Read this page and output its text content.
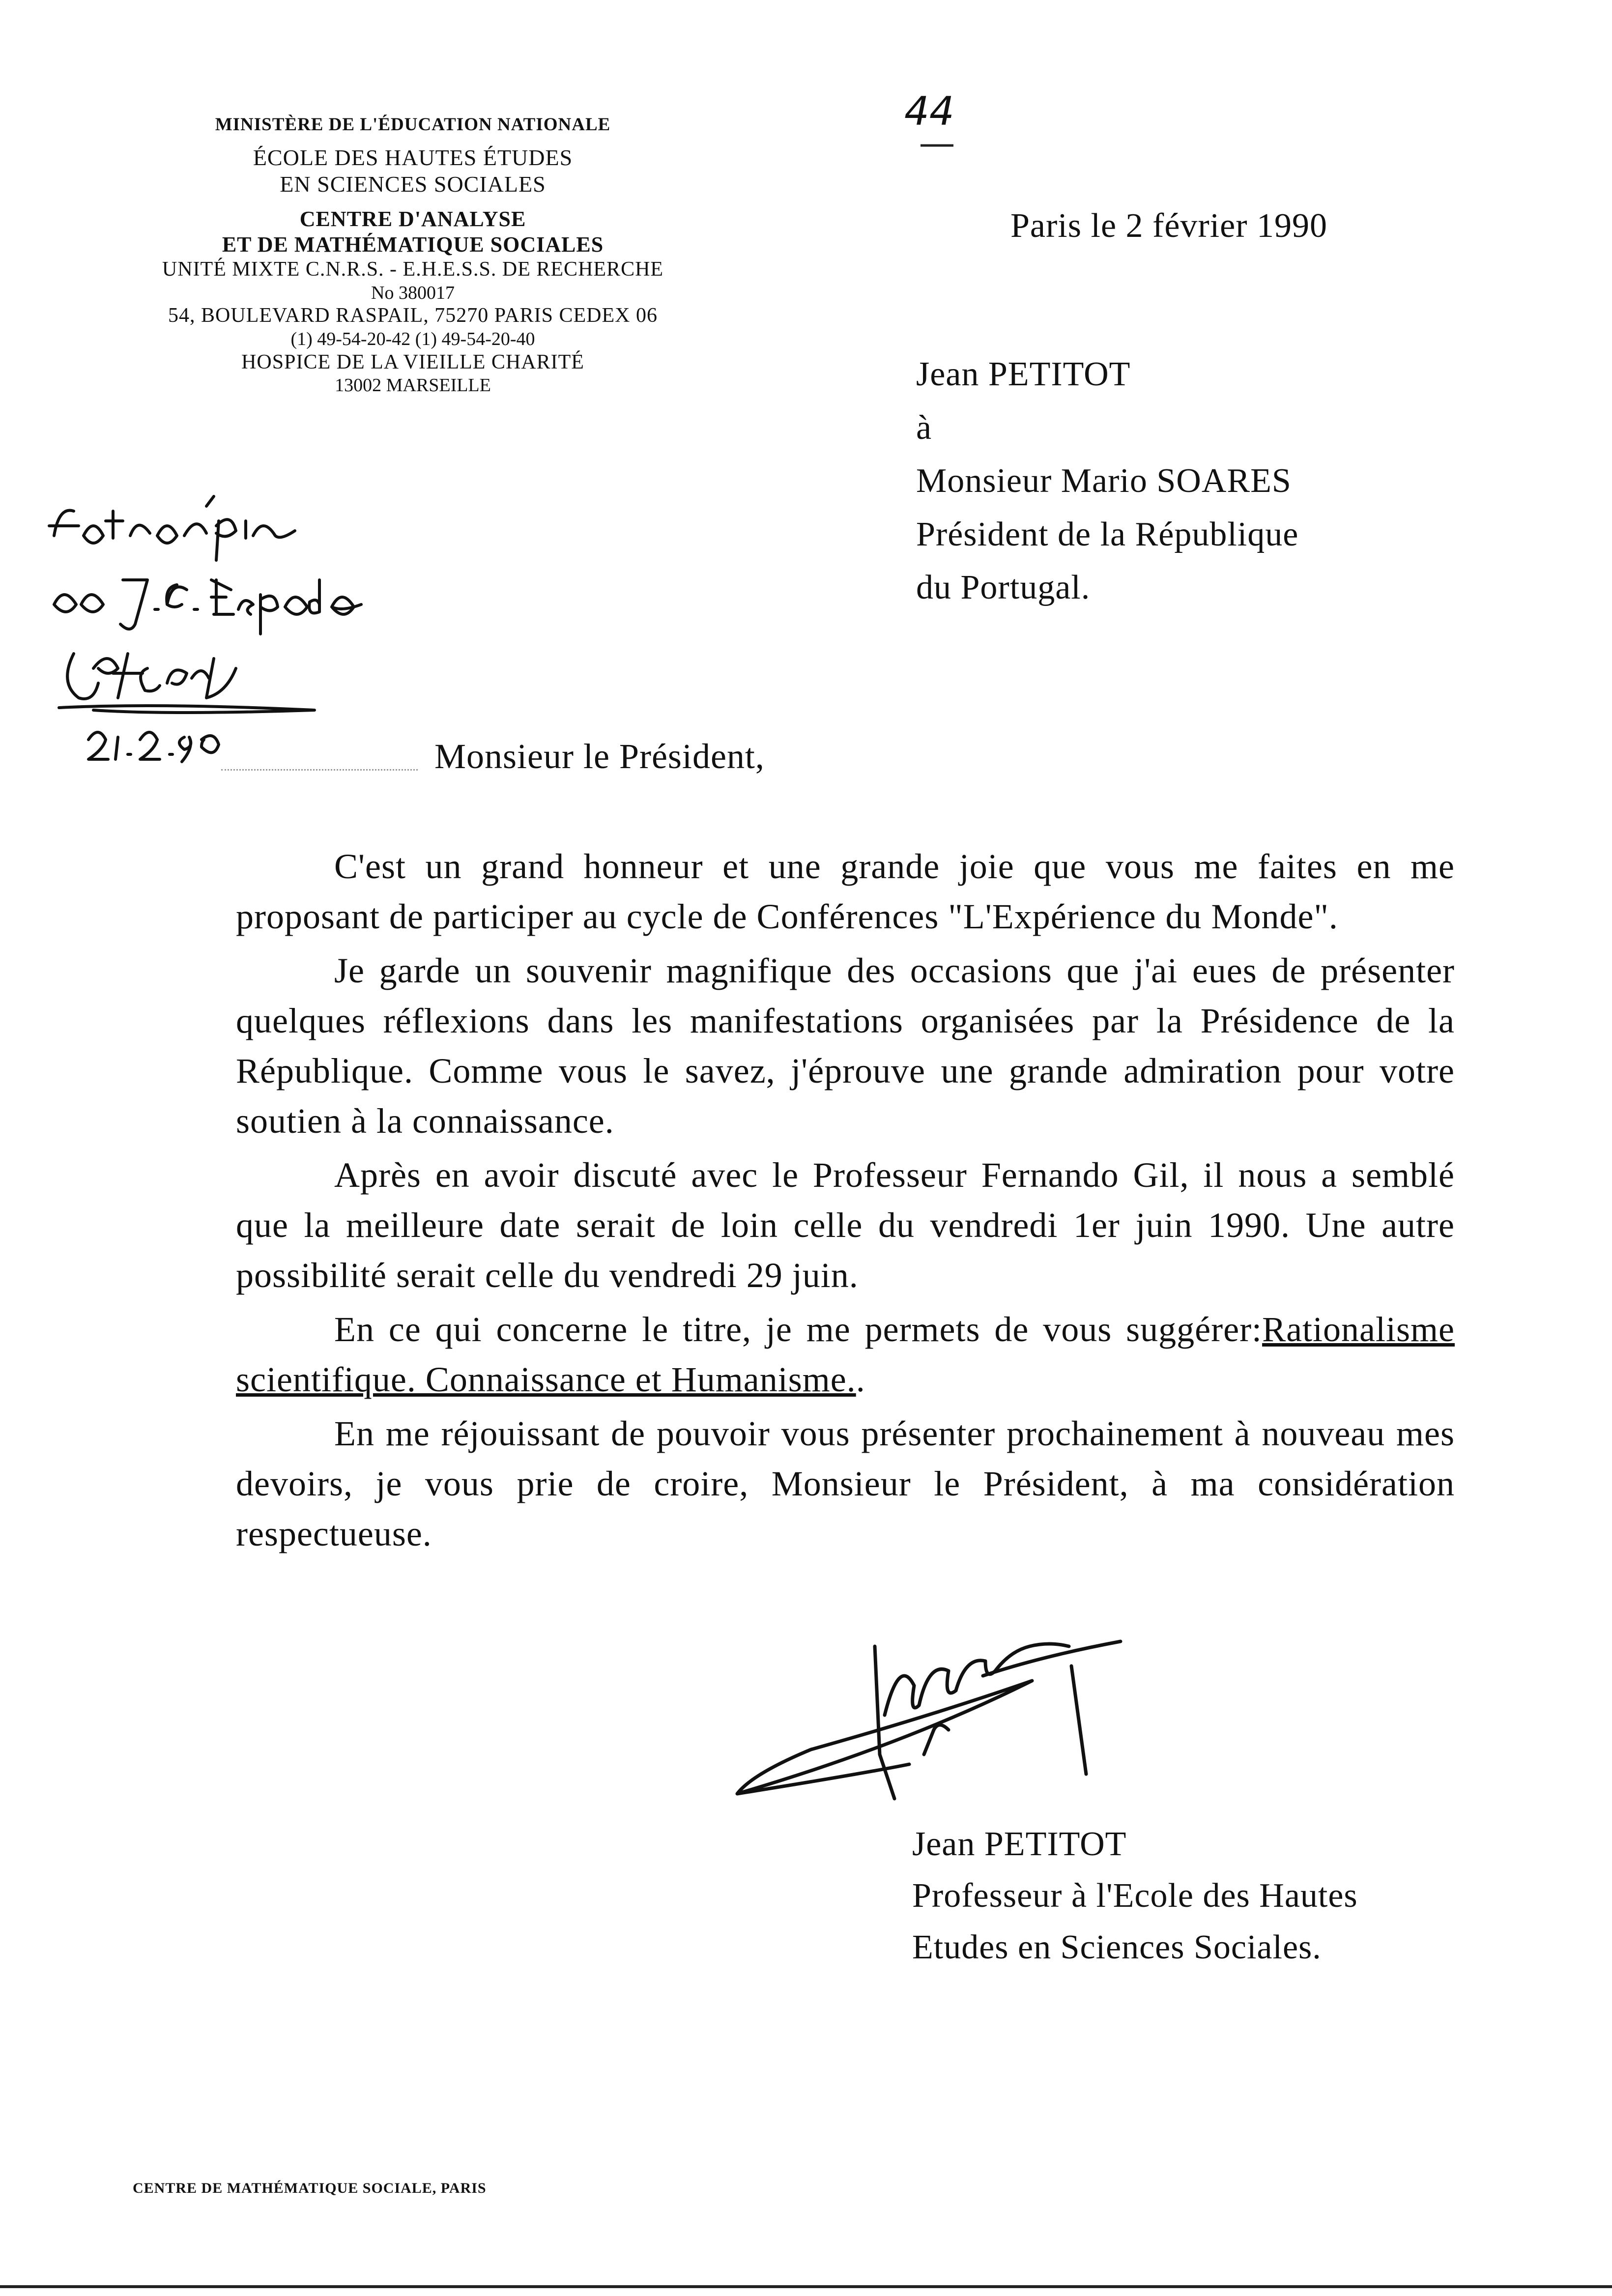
44
MINISTÈRE DE L'ÉDUCATION NATIONALE
ÉCOLE DES HAUTES ÉTUDES
EN SCIENCES SOCIALES
CENTRE D'ANALYSE
ET DE MATHÉMATIQUE SOCIALES
UNITÉ MIXTE C.N.R.S. - E.H.E.S.S. DE RECHERCHE
No 380017
54, BOULEVARD RASPAIL, 75270 PARIS CEDEX 06
(1) 49-54-20-42 (1) 49-54-20-40
HOSPICE DE LA VIEILLE CHARITÉ
13002 MARSEILLE
Paris le 2 février 1990
Jean PETITOT
à
Monsieur Mario SOARES
Président de la République
du Portugal.
Monsieur le Président,

C'est un grand honneur et une grande joie que vous me faites en me proposant de participer au cycle de Conférences "L'Expérience du Monde".

Je garde un souvenir magnifique des occasions que j'ai eues de présenter quelques réflexions dans les manifestations organisées par la Présidence de la République. Comme vous le savez, j'éprouve une grande admiration pour votre soutien à la connaissance.

Après en avoir discuté avec le Professeur Fernando Gil, il nous a semblé que la meilleure date serait de loin celle du vendredi 1er juin 1990. Une autre possibilité serait celle du vendredi 29 juin.

En ce qui concerne le titre, je me permets de vous suggérer:Rationalisme scientifique. Connaissance et Humanisme..

En me réjouissant de pouvoir vous présenter prochainement à nouveau mes devoirs, je vous prie de croire, Monsieur le Président, à ma considération respectueuse.

Jean PETITOT
Professeur à l'Ecole des Hautes
Etudes en Sciences Sociales.
CENTRE DE MATHÉMATIQUE SOCIALE, PARIS
